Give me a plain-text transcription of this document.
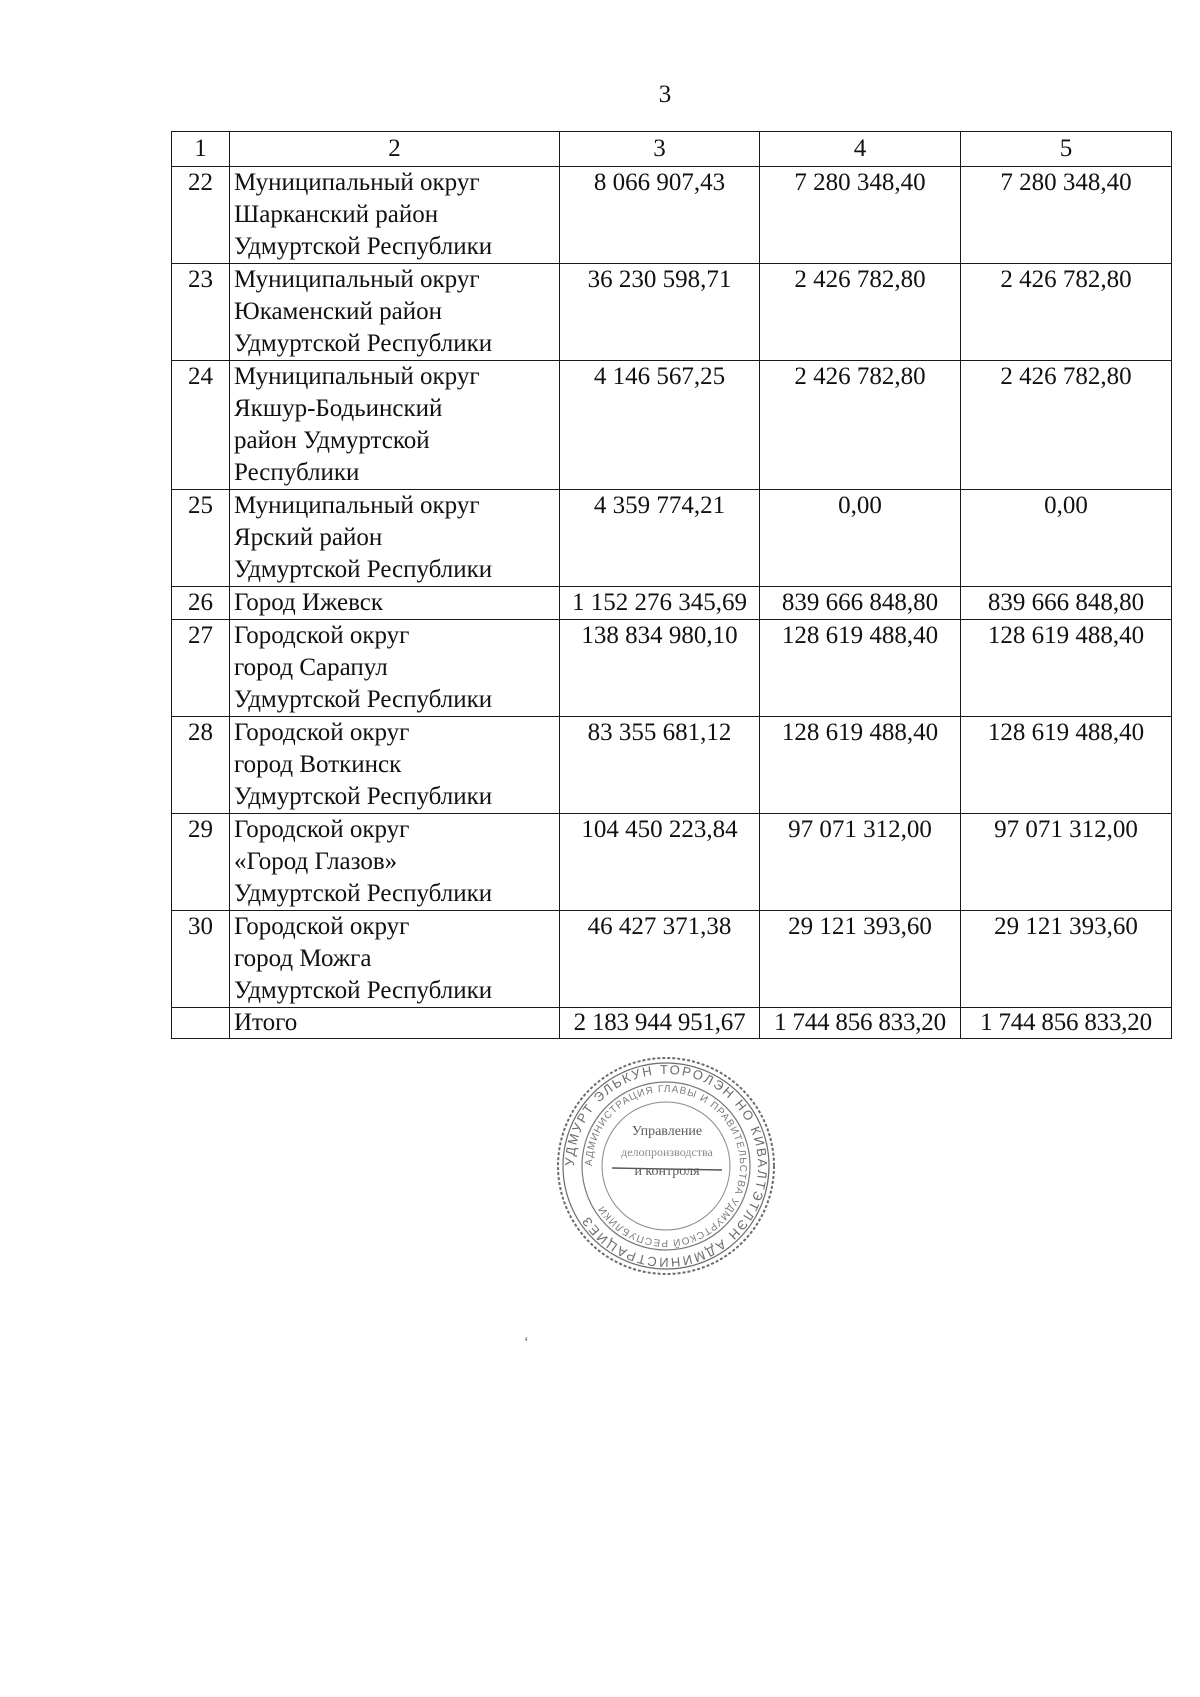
3
1	2	3	4	5
22	Муниципальный округ
Шарканский район
Удмуртской Республики	8 066 907,43	7 280 348,40	7 280 348,40
23	Муниципальный округ
Юкаменский район
Удмуртской Республики	36 230 598,71	2 426 782,80	2 426 782,80
24	Муниципальный округ
Якшур-Бодьинский
район Удмуртской
Республики	4 146 567,25	2 426 782,80	2 426 782,80
25	Муниципальный округ
Ярский район
Удмуртской Республики	4 359 774,21	0,00	0,00
26	Город Ижевск	1 152 276 345,69	839 666 848,80	839 666 848,80
27	Городской округ
город Сарапул
Удмуртской Республики	138 834 980,10	128 619 488,40	128 619 488,40
28	Городской округ
город Воткинск
Удмуртской Республики	83 355 681,12	128 619 488,40	128 619 488,40
29	Городской округ
«Город Глазов»
Удмуртской Республики	104 450 223,84	97 071 312,00	97 071 312,00
30	Городской округ
город Можга
Удмуртской Республики	46 427 371,38	29 121 393,60	29 121 393,60
	Итого	2 183 944 951,67	1 744 856 833,20	1 744 856 833,20
УДМУРТ ЭЛЬКУН ТОРОЛЭН НО КИВАЛТЭТЛЭН АДМИНИСТРАЦИЕЗ
АДМИНИСТРАЦИЯ ГЛАВЫ И ПРАВИТЕЛЬСТВА УДМУРТСКОЙ РЕСПУБЛИКИ
Управление
делопроизводства
и контроля
ʻ
